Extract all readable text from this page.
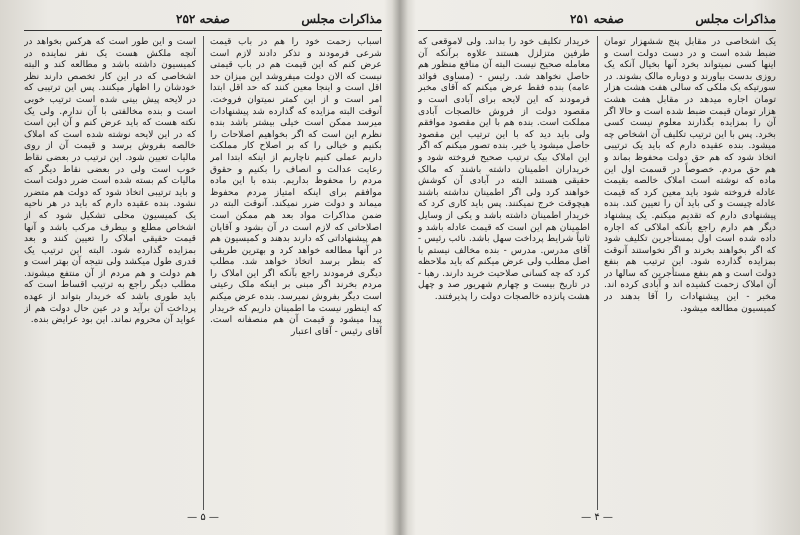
مذاكرات مجلس
صفحه ۲۵۲

اسباب زحمت خود را هم در باب قیمت شرعی فرمودند و تذکر دادند لازم است عرض کنم که این قیمت هم در باب قیمتی نیست که الان دولت میفروشد این میزان حد اقل است و اینجا معین کنند که حد اقل ابتدا امر است و از این کمتر نمیتوان فروخت. آنوقت البته مزایده که گذارده شد پیشنهادات میرسد ممکن است خیلی بیشتر باشد بنده نظرم این است که اگر بخواهیم اصلاحات را بکنیم و خیالی را که بر اصلاح کار مملکت داریم عملی کنیم ناچاریم از اینکه ابتدا امر رعایت عدالت و انصاف را بکنیم و حقوق مردم را محفوظ بداریم. بنده با این ماده موافقم برای اینکه امتیاز مردم محفوظ میماند و دولت ضرر نمیکند. آنوقت البته در ضمن مذاکرات مواد بعد هم ممکن است اصلاحاتی که لازم است در آن بشود و آقایان هم پیشنهاداتی که دارند بدهند و کمیسیون هم در آنها مطالعه خواهد کرد و بهترین طریقی که بنظر برسد اتخاذ خواهد شد. مطلب دیگری فرمودند راجع بآنکه اگر این املاک را مردم بخرند اگر مبنی بر اینکه ملک رعیتی است دیگر بفروش نمیرسد. بنده عرض میکنم که اینطور نیست ما اطمینان داریم که خریدار پیدا میشود و قیمت آن هم منصفانه است. آقای رئیس - آقای اعتبار

است و این طور است که هرکس بخواهد در آنچه ملکش هست یک نفر نماینده در کمیسیون داشته باشد و مطالعه کند و البته اشخاصی که در این کار تخصص دارند نظر خودشان را اظهار میکنند. پس این ترتیبی که در لایحه پیش بینی شده است ترتیب خوبی است و بنده مخالفتی با آن ندارم. ولی یک نکته هست که باید عرض کنم و آن این است که در این لایحه نوشته شده است که املاک خالصه بفروش برسد و قیمت آن از روی مالیات تعیین شود. این ترتیب در بعضی نقاط خوب است ولی در بعضی نقاط دیگر که مالیات کم بسته شده است ضرر دولت است و باید ترتیبی اتخاذ شود که دولت هم متضرر نشود. بنده عقیده دارم که باید در هر ناحیه یک کمیسیون محلی تشکیل شود که از اشخاص مطلع و بیطرف مرکب باشد و آنها قیمت حقیقی املاک را تعیین کنند و بعد بمزایده گذارده شود. البته این ترتیب یک قدری طول میکشد ولی نتیجه آن بهتر است و هم دولت و هم مردم از آن منتفع میشوند. مطلب دیگر راجع به ترتیب اقساط است که باید طوری باشد که خریدار بتواند از عهده پرداخت آن برآید و در عین حال دولت هم از عواید آن محروم نماند. این بود عرایض بنده.

— ۵ —
مذاكرات مجلس
صفحه ۲۵۱

یک اشخاصی در مقابل پنج ششهزار تومان ضبط شده است و در دست دولت است و اینها کسی نمیتواند بخرد آنها بخیال آنکه یک روزی بدست بیاورند و دوباره مالک بشوند. در سورتیکه یک ملکی که سالی هفت هشت هزار تومان اجاره میدهد در مقابل هفت هشت هزار تومان قیمت ضبط شده است و حالا اگر آن را بمزایده بگذارند معلوم نیست کسی بخرد. پس با این ترتیب تکلیف آن اشخاص چه میشود. بنده عقیده دارم که باید یک ترتیبی اتخاذ شود که هم حق دولت محفوظ بماند و هم حق مردم. خصوصاً در قسمت اول این ماده که نوشته است املاک خالصه بقیمت عادله فروخته شود باید معین کرد که قیمت عادله چیست و کی باید آن را تعیین کند. بنده پیشنهادی دارم که تقدیم میکنم. یک پیشنهاد دیگر هم دارم راجع بآنکه املاکی که اجاره داده شده است اول بمستأجرین تکلیف شود که اگر بخواهند بخرند و اگر نخواستند آنوقت بمزایده گذارده شود. این ترتیب هم بنفع دولت است و هم بنفع مستأجرین که سالها در آن املاک زحمت کشیده اند و آبادی کرده اند. مخبر - این پیشنهادات را آقا بدهند در کمیسیون مطالعه میشود.

خریدار تکلیف خود را بداند. ولی لاموقعی که طرفین متزلزل هستند علاوه برآنکه آن معامله صحیح نیست البته آن منافع منظور هم حاصل نخواهد شد. رئیس - (مساوی فوائد عامه) بنده فقط عرض میکنم که آقای مخبر فرمودند که این لایحه برای آبادی است و مقصود دولت از فروش خالصجات آبادی مملکت است. بنده هم با این مقصود موافقم ولی باید دید که با این ترتیب این مقصود حاصل میشود یا خیر. بنده تصور میکنم که اگر این املاک بیک ترتیب صحیح فروخته شود و خریداران اطمینان داشته باشند که مالک حقیقی هستند البته در آبادی آن کوشش خواهند کرد ولی اگر اطمینان نداشته باشند هیچوقت خرج نمیکنند. پس باید کاری کرد که خریدار اطمینان داشته باشد و یکی از وسایل اطمینان هم این است که قیمت عادله باشد و ثانیاً شرایط پرداخت سهل باشد. نائب رئیس - آقای مدرس. مدرس - بنده مخالف نیستم با اصل مطلب ولی عرض میکنم که باید ملاحظه کرد که چه کسانی صلاحیت خرید دارند. رهبا - در تاریخ بیست و چهارم شهریور صد و چهل هشت پانزده خالصجات دولت را پذیرفتند.

— ۴ —
